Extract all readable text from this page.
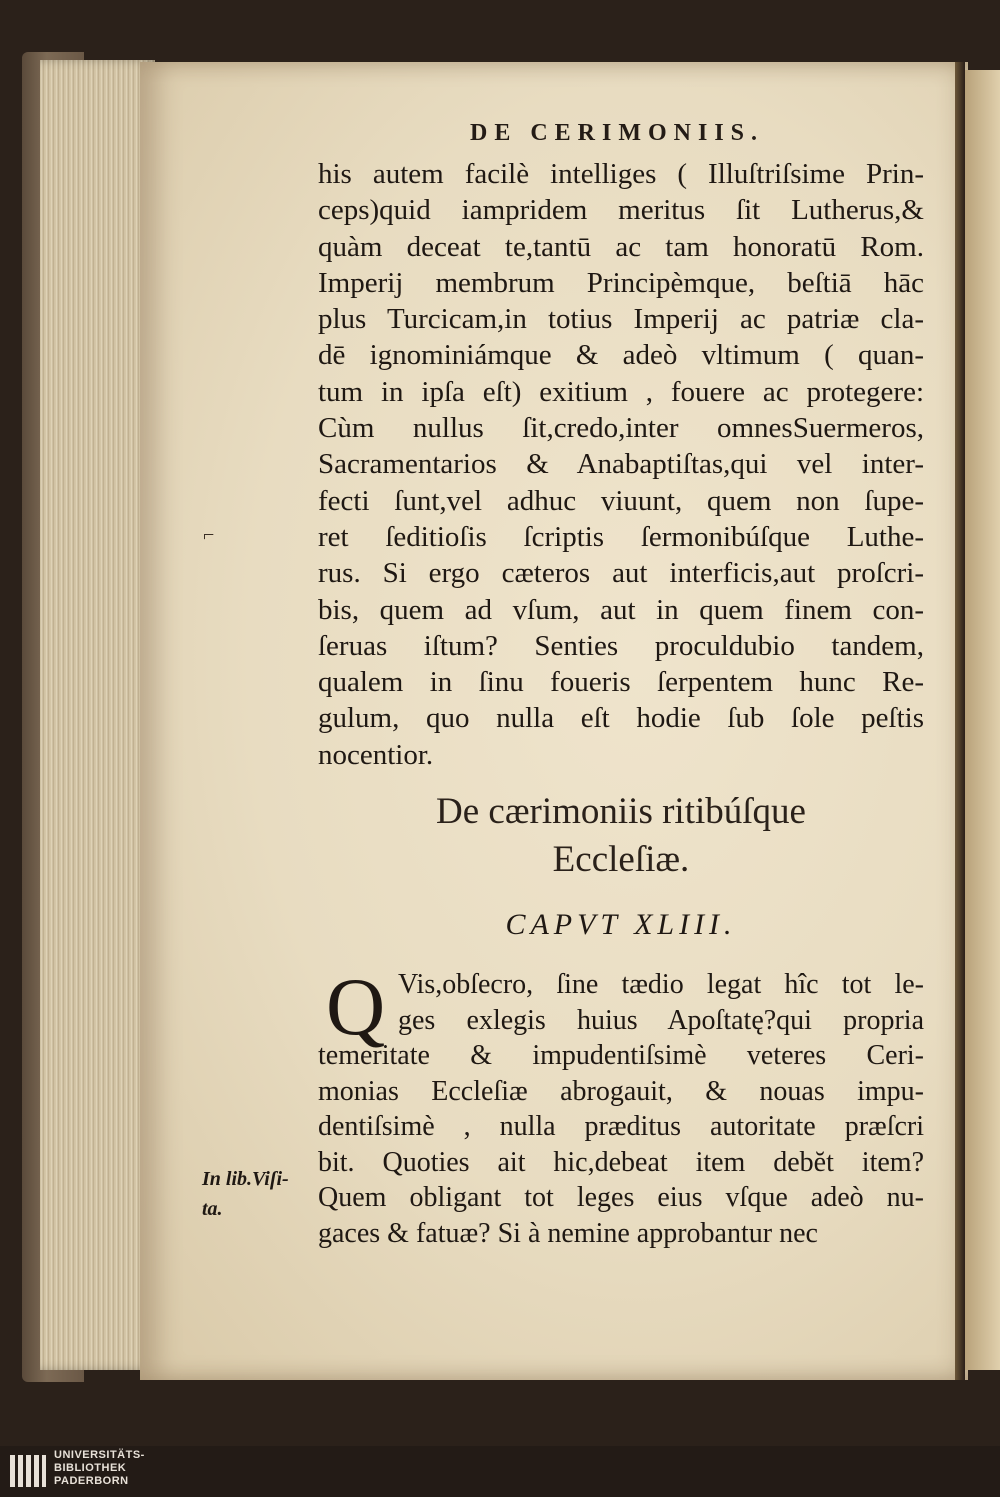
DE CERIMONIIS.
his autem facilè intelliges ( Illuſtriſsime Prin-
ceps)quid iampridem meritus ſit Lutherus,&
quàm deceat te,tantū ac tam honoratū Rom.
Imperij membrum Principèmque, beſtiā hāc
plus Turcicam,in totius Imperij ac patriæ cla-
dē ignominiámque & adeò vltimum ( quan-
tum in ipſa eſt) exitium , fouere ac protegere:
Cùm nullus ſit,credo,inter omnesSuermeros,
Sacramentarios & Anabaptiſtas,qui vel inter-
fecti ſunt,vel adhuc viuunt, quem non ſupe-
ret ſeditioſis ſcriptis ſermonibúſque Luthe-
rus. Si ergo cæteros aut interficis,aut proſcri-
bis, quem ad vſum, aut in quem finem con-
ſeruas iſtum? Senties proculdubio tandem,
qualem in ſinu foueris ſerpentem hunc Re-
gulum, quo nulla eſt hodie ſub ſole peſtis
nocentior.
De cærimoniis ritibúſque
Eccleſiæ.
CAPVT XLIII.
Q Vis,obſecro, ſine tædio legat hîc tot le-
ges exlegis huius Apoſtatę?qui propria
temeritate & impudentiſsimè veteres Ceri-
monias Eccleſiæ abrogauit, & nouas impu-
dentiſsimè , nulla præditus autoritate præſcri
bit. Quoties ait hic,debeat item debĕt item?
Quem obligant tot leges eius vſque adeò nu-
gaces & fatuæ? Si à nemine approbantur nec
⌐
In lib.Viſi-
ta.
UNIVERSITÄTS-
BIBLIOTHEK
PADERBORN
